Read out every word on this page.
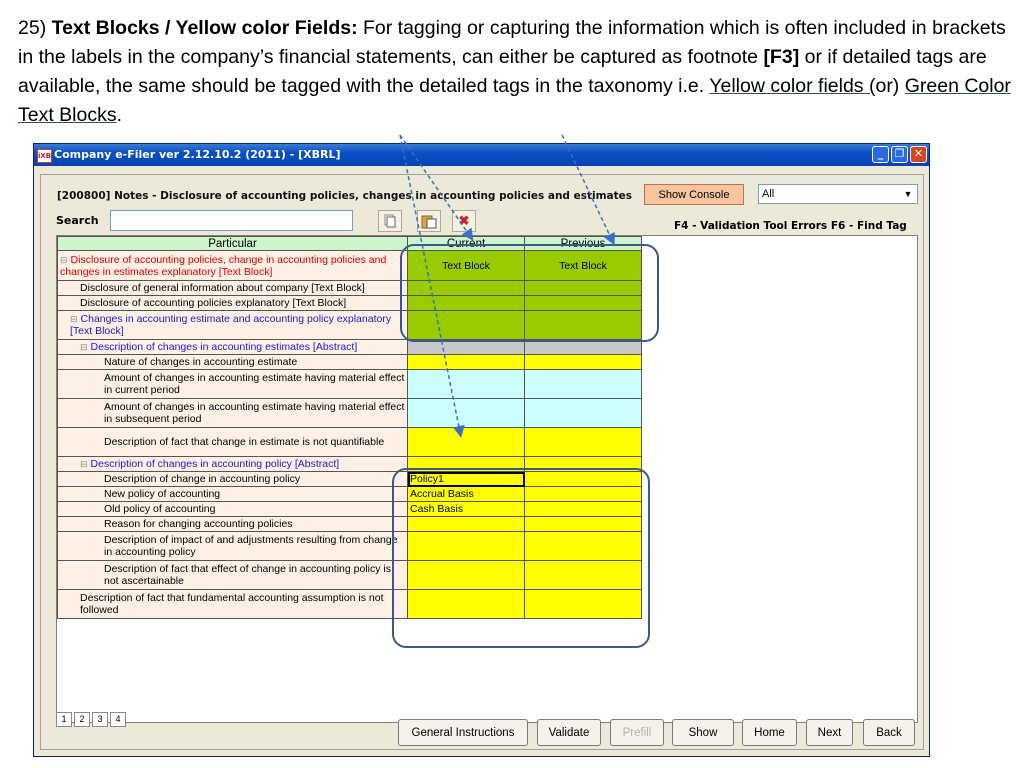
25) Text Blocks / Yellow color Fields: For tagging or capturing the information which is often included in brackets in the labels in the company’s financial statements, can either be captured as footnote [F3] or if detailed tags are available, the same should be tagged with the detailed tags in the taxonomy i.e. Yellow color fields (or) Green Color Text Blocks.
iXB Company e-Filer ver 2.12.10.2 (2011) - [XBRL]	_	❐ ✕
[200800] Notes - Disclosure of accounting policies, changes in accounting policies and estimates	Show Console	All	▼
Search	✖	F4 - Validation Tool Errors F6 - Find Tag
Particular	Current	Previous
⊟ Disclosure of accounting policies, change in accounting policies and changes in estimates explanatory [Text Block]	Text Block	Text Block
Disclosure of general information about company [Text Block]		
Disclosure of accounting policies explanatory [Text Block]		
⊟ Changes in accounting estimate and accounting policy explanatory [Text Block]		
⊟ Description of changes in accounting estimates [Abstract]		
Nature of changes in accounting estimate		
Amount of changes in accounting estimate having material effect in current period		
Amount of changes in accounting estimate having material effect in subsequent period		
Description of fact that change in estimate is not quantifiable		
⊟ Description of changes in accounting policy [Abstract]		
Description of change in accounting policy	Policy1	
New policy of accounting	Accrual Basis	
Old policy of accounting	Cash Basis	
Reason for changing accounting policies		
Description of impact of and adjustments resulting from change in accounting policy		
Description of fact that effect of change in accounting policy is not ascertainable		
Description of fact that fundamental accounting assumption is not followed		
1	2	3	4
General Instructions	Validate	Prefill	Show	Home	Next	Back
